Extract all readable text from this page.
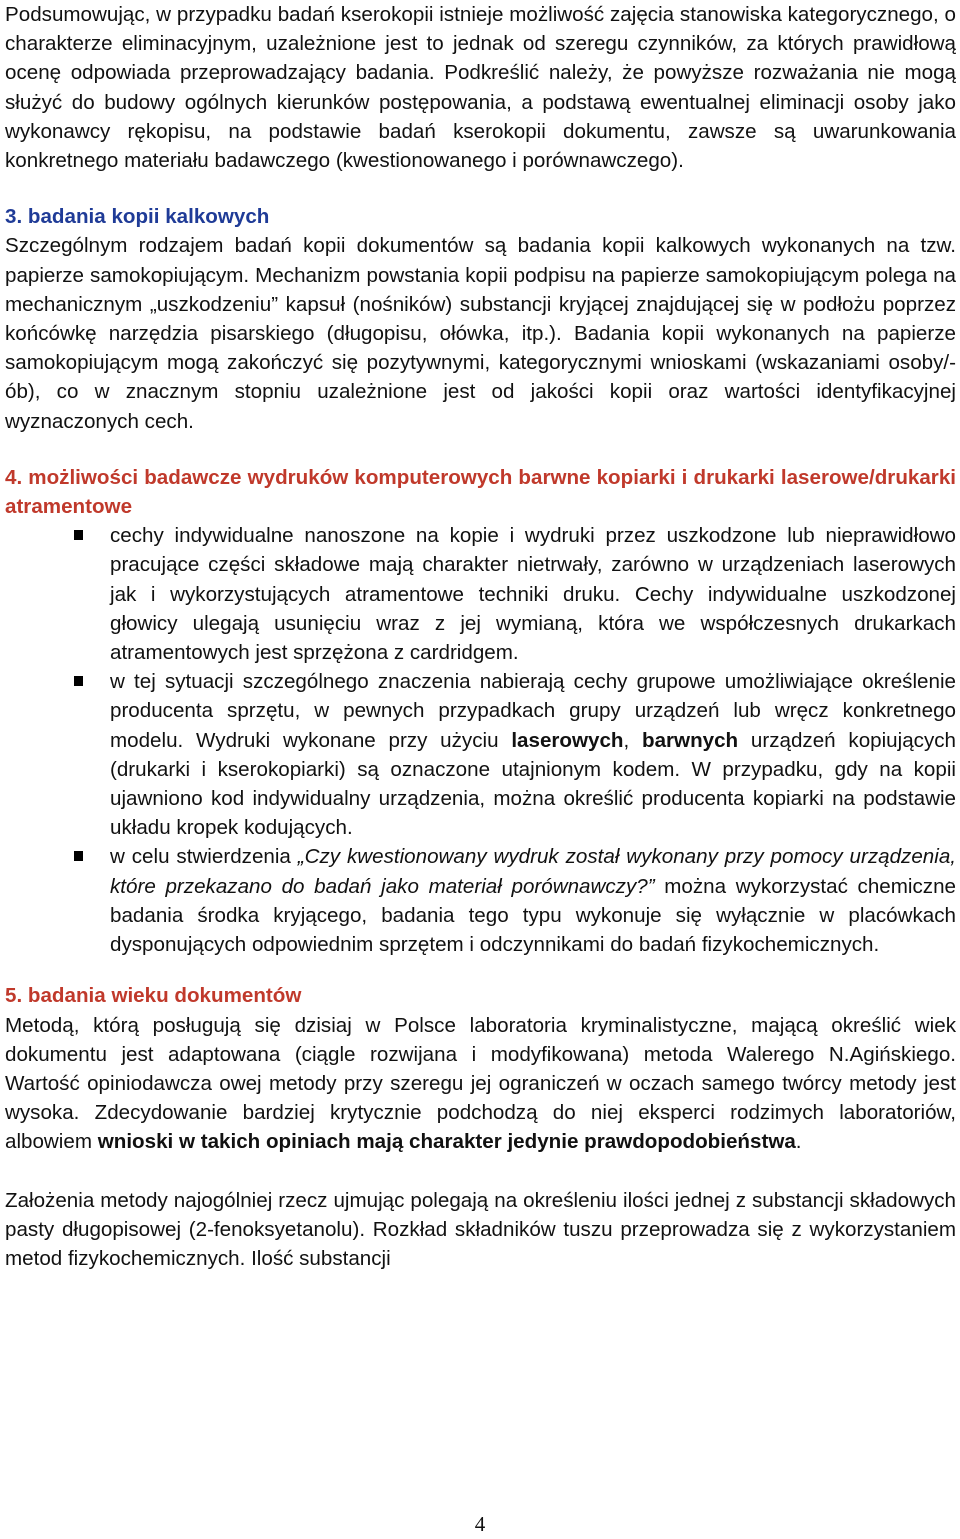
Podsumowując, w przypadku badań kserokopii istnieje możliwość zajęcia stanowiska kategorycznego, o charakterze eliminacyjnym, uzależnione jest to jednak od szeregu czynników, za których prawidłową ocenę odpowiada przeprowadzający badania. Podkreślić należy, że powyższe rozważania nie mogą służyć do budowy ogólnych kierunków postępowania, a podstawą ewentualnej eliminacji osoby jako wykonawcy rękopisu, na podstawie badań kserokopii dokumentu, zawsze są uwarunkowania konkretnego materiału badawczego (kwestionowanego i porównawczego).

3. badania kopii kalkowych

Szczególnym rodzajem badań kopii dokumentów są badania kopii kalkowych wykonanych na tzw. papierze samokopiującym. Mechanizm powstania kopii podpisu na papierze samokopiującym polega na mechanicznym „uszkodzeniu” kapsuł (nośników) substancji kryjącej znajdującej się w podłożu poprzez końcówkę narzędzia pisarskiego (długopisu, ołówka, itp.). Badania kopii wykonanych na papierze samokopiującym mogą zakończyć się pozytywnymi, kategorycznymi wnioskami (wskazaniami osoby/-ób), co w znacznym stopniu uzależnione jest od jakości kopii oraz wartości identyfikacyjnej wyznaczonych cech.

4. możliwości badawcze wydruków komputerowych barwne kopiarki i drukarki laserowe/drukarki atramentowe

cechy indywidualne nanoszone na kopie i wydruki przez uszkodzone lub nieprawidłowo pracujące części składowe mają charakter nietrwały, zarówno w urządzeniach laserowych jak i wykorzystujących atramentowe techniki druku. Cechy indywidualne uszkodzonej głowicy ulegają usunięciu wraz z jej wymianą, która we współczesnych drukarkach atramentowych jest sprzężona z cardridgem.
w tej sytuacji szczególnego znaczenia nabierają cechy grupowe umożliwiające określenie producenta sprzętu, w pewnych przypadkach grupy urządzeń lub wręcz konkretnego modelu. Wydruki wykonane przy użyciu laserowych, barwnych urządzeń kopiujących (drukarki i kserokopiarki) są oznaczone utajnionym kodem. W przypadku, gdy na kopii ujawniono kod indywidualny urządzenia, można określić producenta kopiarki na podstawie układu kropek kodujących.
w celu stwierdzenia „Czy kwestionowany wydruk został wykonany przy pomocy urządzenia, które przekazano do badań jako materiał porównawczy?” można wykorzystać chemiczne badania środka kryjącego, badania tego typu wykonuje się wyłącznie w placówkach dysponujących odpowiednim sprzętem i odczynnikami do badań fizykochemicznych.

5. badania wieku dokumentów

Metodą, którą posługują się dzisiaj w Polsce laboratoria kryminalistyczne, mającą określić wiek dokumentu jest adaptowana (ciągle rozwijana i modyfikowana) metoda Walerego N.Agińskiego. Wartość opiniodawcza owej metody przy szeregu jej ograniczeń w oczach samego twórcy metody jest wysoka. Zdecydowanie bardziej krytycznie podchodzą do niej eksperci rodzimych laboratoriów, albowiem wnioski w takich opiniach mają charakter jedynie prawdopodobieństwa.

Założenia metody najogólniej rzecz ujmując polegają na określeniu ilości jednej z substancji składowych pasty długopisowej (2-fenoksyetanolu). Rozkład składników tuszu przeprowadza się z wykorzystaniem metod fizykochemicznych. Ilość substancji

4
